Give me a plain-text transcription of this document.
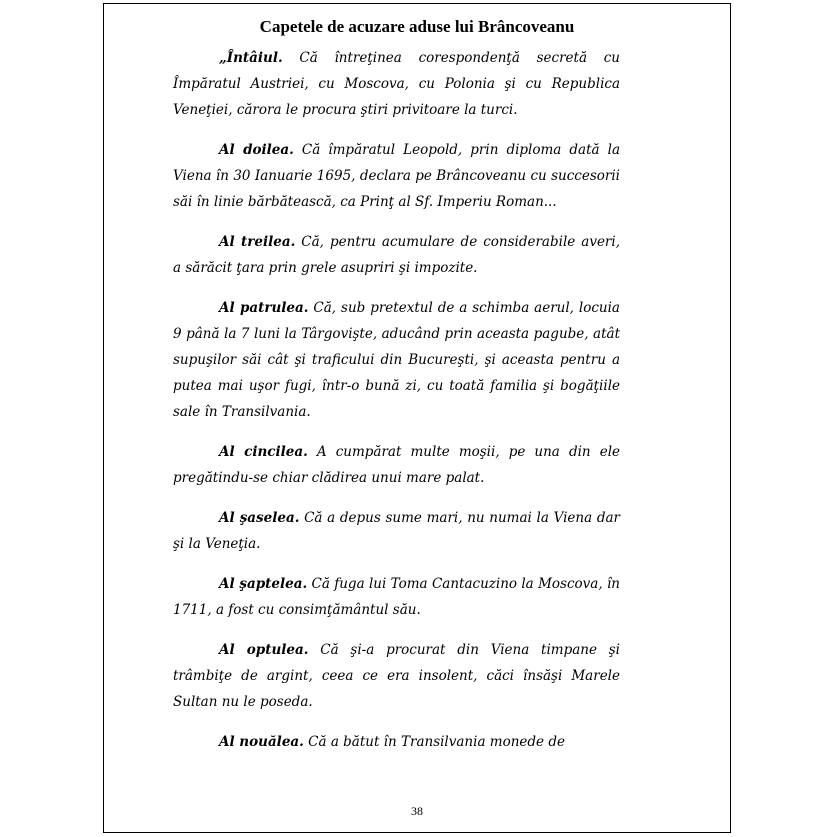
Capetele de acuzare aduse lui Brâncoveanu

„Întâiul. Că întreţinea corespondenţă secretă cu Împăratul Austriei, cu Moscova, cu Polonia şi cu Republica Veneţiei, cărora le procura ştiri privitoare la turci.

Al doilea. Că împăratul Leopold, prin diploma dată la Viena în 30 Ianuarie 1695, declara pe Brâncoveanu cu succesorii săi în linie bărbătească, ca Prinţ al Sf. Imperiu Roman...

Al treilea. Că, pentru acumulare de considerabile averi, a sărăcit ţara prin grele asupriri şi impozite.

Al patrulea. Că, sub pretextul de a schimba aerul, locuia 9 până la 7 luni la Târgovişte, aducând prin aceasta pagube, atât supuşilor săi cât şi traficului din Bucureşti, şi aceasta pentru a putea mai uşor fugi, într-o bună zi, cu toată familia şi bogăţiile sale în Transilvania.

Al cincilea. A cumpărat multe moşii, pe una din ele pregătindu-se chiar clădirea unui mare palat.

Al şaselea. Că a depus sume mari, nu numai la Viena dar şi la Veneţia.

Al şaptelea. Că fuga lui Toma Cantacuzino la Moscova, în 1711, a fost cu consimţământul său.

Al optulea. Că şi-a procurat din Viena timpane şi trâmbiţe de argint, ceea ce era insolent, căci însăşi Marele Sultan nu le poseda.

Al nouălea. Că a bătut în Transilvania monede de

38
